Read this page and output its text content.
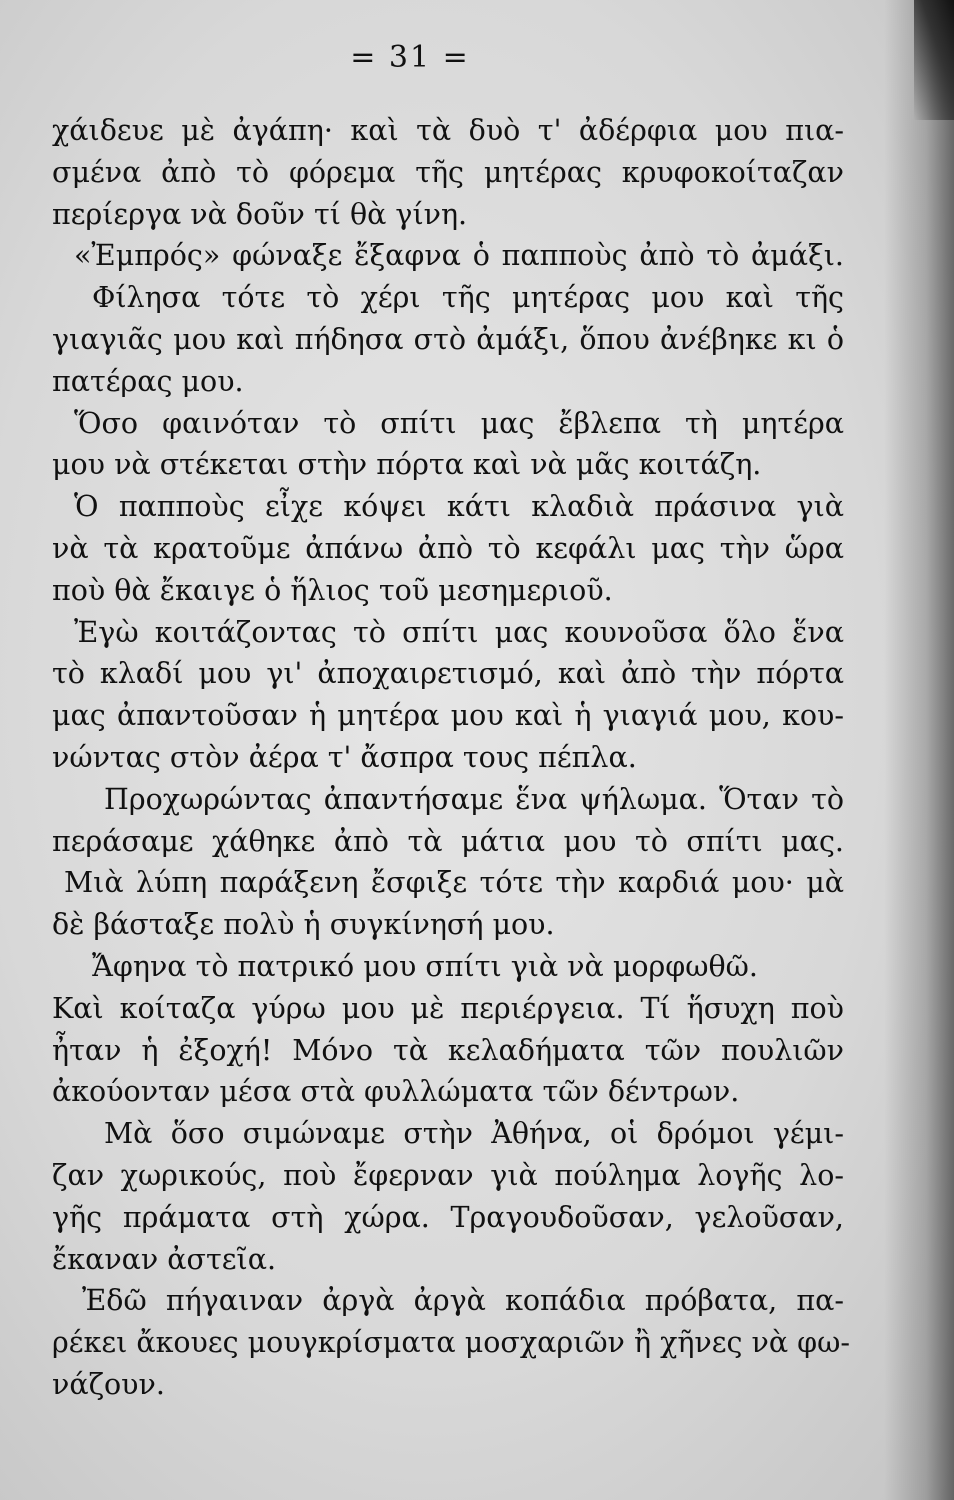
= 31 =
χάιδευε μὲ ἀγάπη· καὶ τὰ δυὸ τ' ἀδέρφια μου πια-
σμένα ἀπὸ τὸ φόρεμα τῆς μητέρας κρυφοκοίταζαν
περίεργα νὰ δοῦν τί θὰ γίνη.
«Ἐμπρός» φώναξε ἔξαφνα ὁ παπποὺς ἀπὸ τὸ ἀμάξι.
Φίλησα τότε τὸ χέρι τῆς μητέρας μου καὶ τῆς
γιαγιᾶς μου καὶ πήδησα στὸ ἀμάξι, ὅπου ἀνέβηκε κι ὁ
πατέρας μου.
Ὅσο φαινόταν τὸ σπίτι μας ἔβλεπα τὴ μητέρα
μου νὰ στέκεται στὴν πόρτα καὶ νὰ μᾶς κοιτάζη.
Ὁ παπποὺς εἶχε κόψει κάτι κλαδιὰ πράσινα γιὰ
νὰ τὰ κρατοῦμε ἀπάνω ἀπὸ τὸ κεφάλι μας τὴν ὥρα
ποὺ θὰ ἔκαιγε ὁ ἥλιος τοῦ μεσημεριοῦ.
Ἐγὼ κοιτάζοντας τὸ σπίτι μας κουνοῦσα ὅλο ἕνα
τὸ κλαδί μου γι' ἀποχαιρετισμό, καὶ ἀπὸ τὴν πόρτα
μας ἀπαντοῦσαν ἡ μητέρα μου καὶ ἡ γιαγιά μου, κου-
νώντας στὸν ἀέρα τ' ἄσπρα τους πέπλα.
Προχωρώντας ἀπαντήσαμε ἕνα ψήλωμα. Ὅταν τὸ
περάσαμε χάθηκε ἀπὸ τὰ μάτια μου τὸ σπίτι μας.
Μιὰ λύπη παράξενη ἔσφιξε τότε τὴν καρδιά μου· μὰ
δὲ βάσταξε πολὺ ἡ συγκίνησή μου.
Ἄφηνα τὸ πατρικό μου σπίτι γιὰ νὰ μορφωθῶ.
Καὶ κοίταζα γύρω μου μὲ περιέργεια. Τί ἥσυχη ποὺ
ἦταν ἡ ἐξοχή! Μόνο τὰ κελαδήματα τῶν πουλιῶν
ἀκούονταν μέσα στὰ φυλλώματα τῶν δέντρων.
Μὰ ὅσο σιμώναμε στὴν Ἀθήνα, οἱ δρόμοι γέμι-
ζαν χωρικούς, ποὺ ἔφερναν γιὰ πούλημα λογῆς λο-
γῆς πράματα στὴ χώρα. Τραγουδοῦσαν, γελοῦσαν,
ἔκαναν ἀστεῖα.
Ἐδῶ πήγαιναν ἀργὰ ἀργὰ κοπάδια πρόβατα, πα-
ρέκει ἄκουες μουγκρίσματα μοσχαριῶν ἢ χῆνες νὰ φω-
νάζουν.
